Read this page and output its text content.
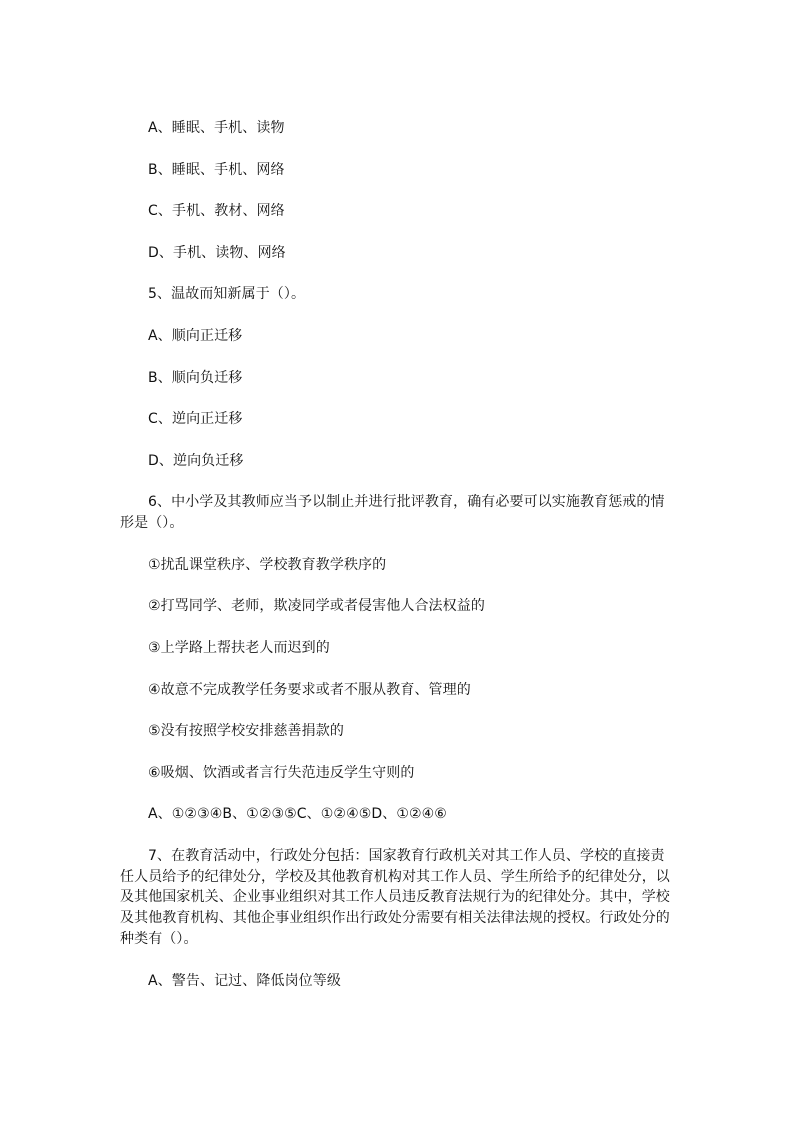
A、睡眠、手机、读物

B、睡眠、手机、网络

C、手机、教材、网络

D、手机、读物、网络

5、温故而知新属于（）。

A、顺向正迁移

B、顺向负迁移

C、逆向正迁移

D、逆向负迁移

6、中小学及其教师应当予以制止并进行批评教育，确有必要可以实施教育惩戒的情形是（）。

①扰乱课堂秩序、学校教育教学秩序的

②打骂同学、老师，欺凌同学或者侵害他人合法权益的

③上学路上帮扶老人而迟到的

④故意不完成教学任务要求或者不服从教育、管理的

⑤没有按照学校安排慈善捐款的

⑥吸烟、饮酒或者言行失范违反学生守则的

A、①②③④B、①②③⑤C、①②④⑤D、①②④⑥

7、在教育活动中，行政处分包括：国家教育行政机关对其工作人员、学校的直接责任人员给予的纪律处分，学校及其他教育机构对其工作人员、学生所给予的纪律处分，以及其他国家机关、企业事业组织对其工作人员违反教育法规行为的纪律处分。其中，学校及其他教育机构、其他企事业组织作出行政处分需要有相关法律法规的授权。行政处分的种类有（）。

A、警告、记过、降低岗位等级
